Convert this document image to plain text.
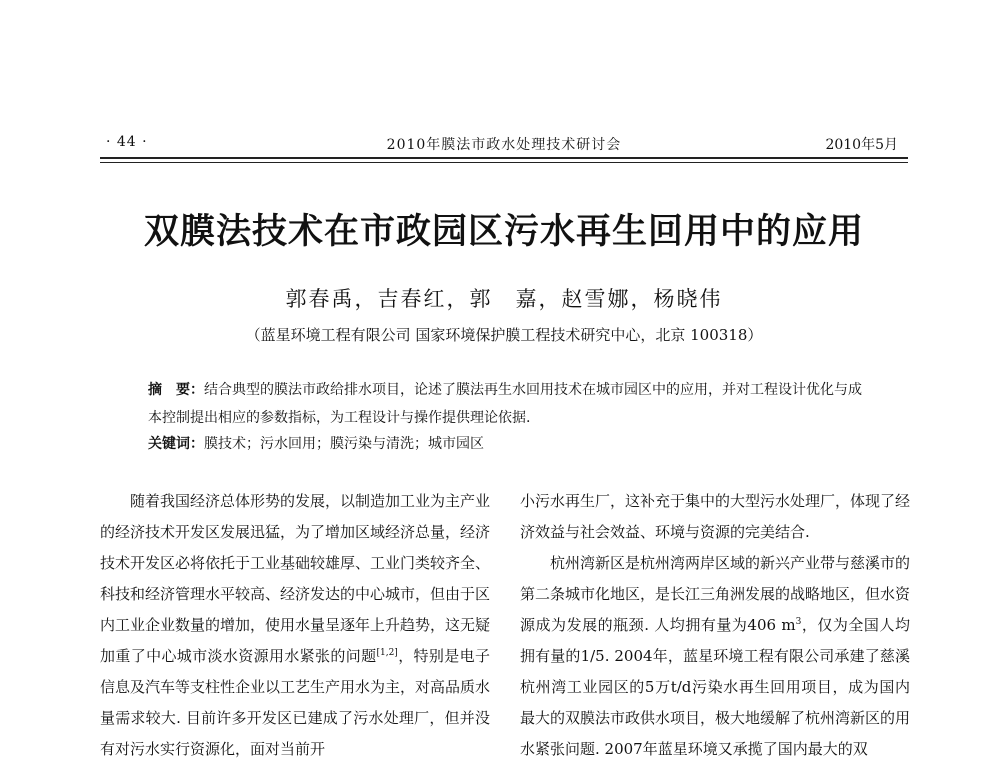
· 44 ·	2010年膜法市政水处理技术研讨会	2010年5月
双膜法技术在市政园区污水再生回用中的应用
郭春禹，吉春红，郭　嘉，赵雪娜，杨晓伟
（蓝星环境工程有限公司 国家环境保护膜工程技术研究中心，北京 100318）

摘　要：结合典型的膜法市政给排水项目，论述了膜法再生水回用技术在城市园区中的应用，并对工程设计优化与成本控制提出相应的参数指标，为工程设计与操作提供理论依据.

关键词：膜技术；污水回用；膜污染与清洗；城市园区

随着我国经济总体形势的发展，以制造加工业为主产业的经济技术开发区发展迅猛，为了增加区域经济总量，经济技术开发区必将依托于工业基础较雄厚、工业门类较齐全、科技和经济管理水平较高、经济发达的中心城市，但由于区内工业企业数量的增加，使用水量呈逐年上升趋势，这无疑加重了中心城市淡水资源用水紧张的问题[1,2]，特别是电子信息及汽车等支柱性企业以工艺生产用水为主，对高品质水量需求较大. 目前许多开发区已建成了污水处理厂，但并没有对污水实行资源化，面对当前开

小污水再生厂，这补充于集中的大型污水处理厂，体现了经济效益与社会效益、环境与资源的完美结合.

杭州湾新区是杭州湾两岸区域的新兴产业带与慈溪市的第二条城市化地区，是长江三角洲发展的战略地区，但水资源成为发展的瓶颈. 人均拥有量为406 $m^3$，仅为全国人均拥有量的1/5. 2004年，蓝星环境工程有限公司承建了慈溪杭州湾工业园区的5万t/d污染水再生回用项目，成为国内最大的双膜法市政供水项目，极大地缓解了杭州湾新区的用水紧张问题. 2007年蓝星环境又承揽了国内最大的双
